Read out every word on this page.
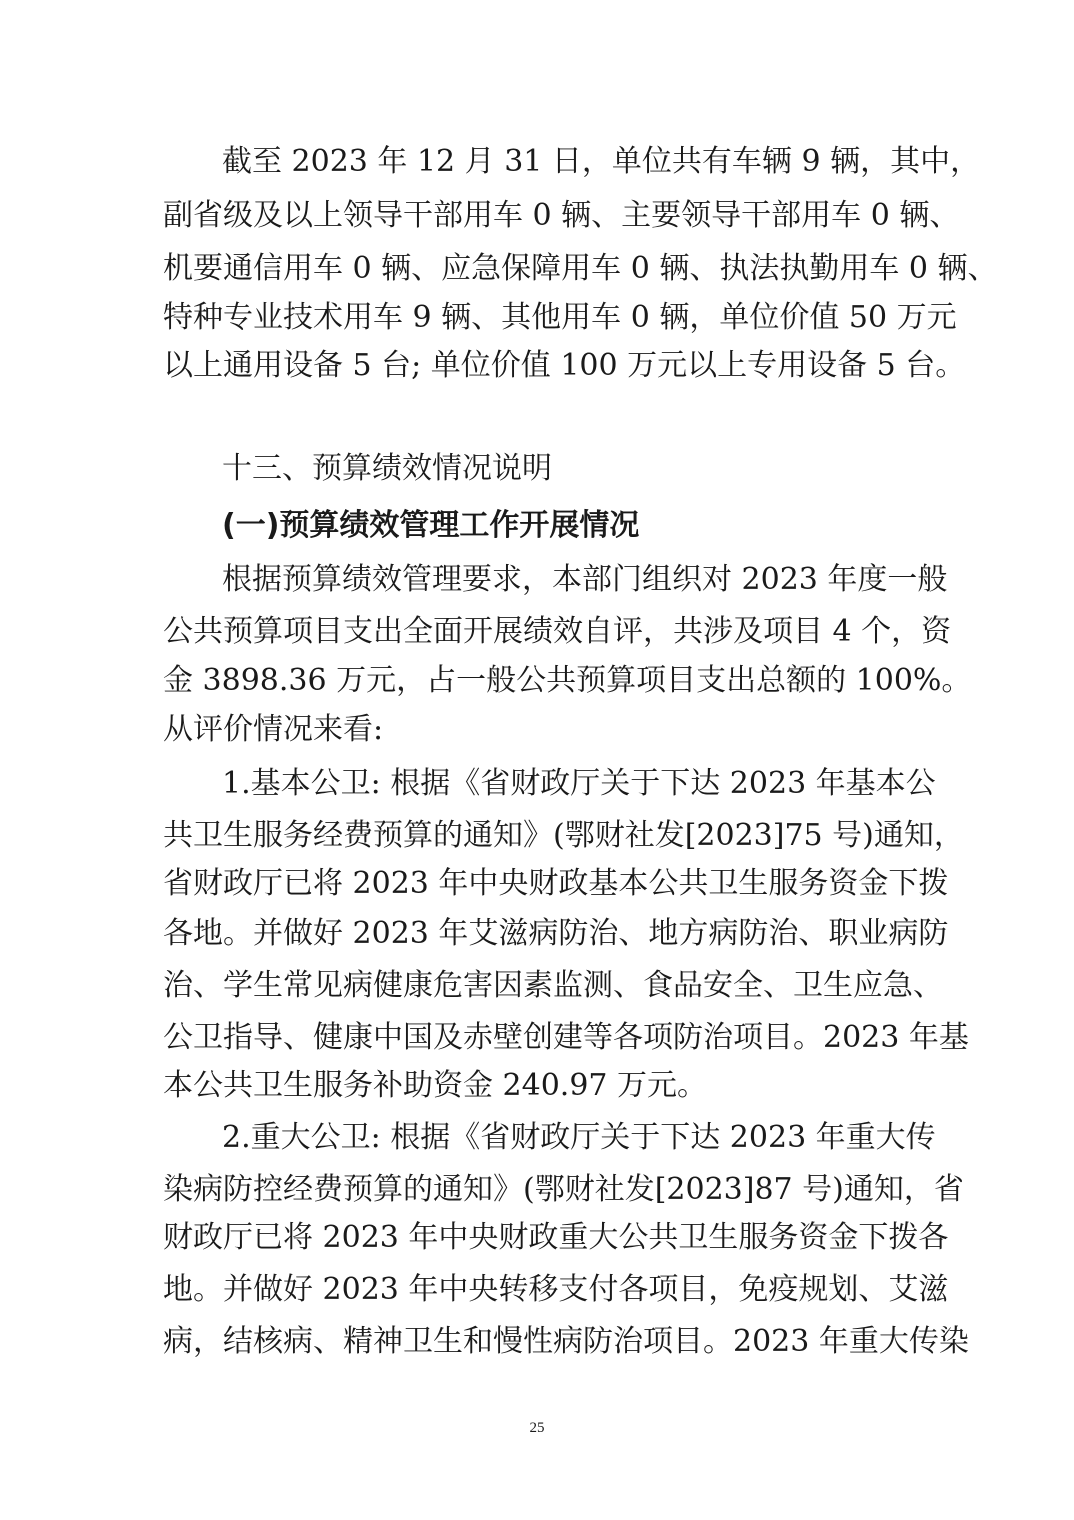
截至 2023 年 12 月 31 日，单位共有车辆 9 辆，其中，
副省级及以上领导干部用车 0 辆、主要领导干部用车 0 辆、
机要通信用车 0 辆、应急保障用车 0 辆、执法执勤用车 0 辆、
特种专业技术用车 9 辆、其他用车 0 辆，单位价值 50 万元
以上通用设备 5 台; 单位价值 100 万元以上专用设备 5 台。
十三、预算绩效情况说明
(一)预算绩效管理工作开展情况
根据预算绩效管理要求，本部门组织对 2023 年度一般
公共预算项目支出全面开展绩效自评，共涉及项目 4 个，资
金 3898.36 万元，占一般公共预算项目支出总额的 100%。
从评价情况来看:
1.基本公卫: 根据《省财政厅关于下达 2023 年基本公
共卫生服务经费预算的通知》(鄂财社发[2023]75 号)通知，
省财政厅已将 2023 年中央财政基本公共卫生服务资金下拨
各地。并做好 2023 年艾滋病防治、地方病防治、职业病防
治、学生常见病健康危害因素监测、食品安全、卫生应急、
公卫指导、健康中国及赤壁创建等各项防治项目。2023 年基
本公共卫生服务补助资金 240.97 万元。
2.重大公卫: 根据《省财政厅关于下达 2023 年重大传
染病防控经费预算的通知》(鄂财社发[2023]87 号)通知，省
财政厅已将 2023 年中央财政重大公共卫生服务资金下拨各
地。并做好 2023 年中央转移支付各项目，免疫规划、艾滋
病，结核病、精神卫生和慢性病防治项目。2023 年重大传染
25
